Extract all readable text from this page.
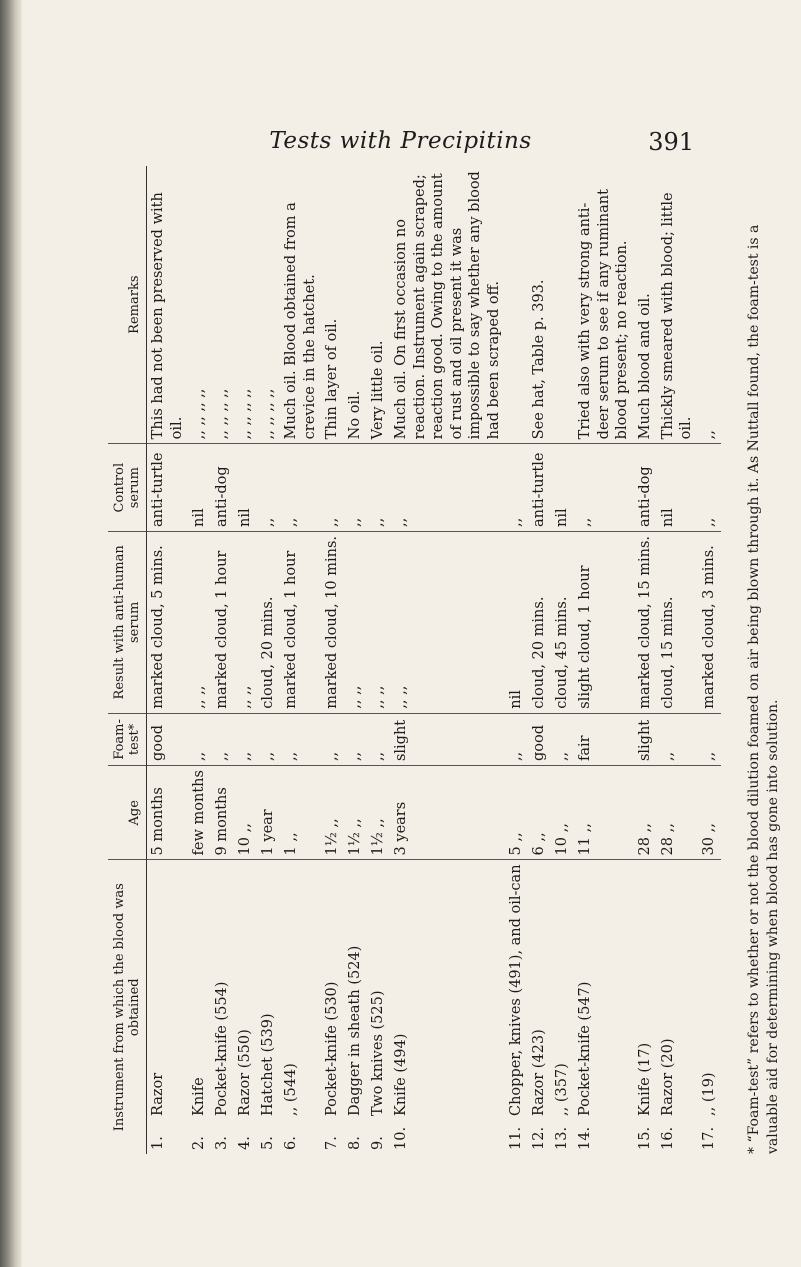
Tests with Precipitins	391
Instrument from which the blood was obtained	Age	Foam-test*	Result with anti-human serum	Control serum	Remarks
1.Razor	5 months	good	marked cloud, 5 mins.	anti-turtle	This had not been preserved with oil.
2.Knife	few months	,,	,, ,,	nil	,, ,, ,, ,,
3.Pocket-knife (554)	9 months	,,	marked cloud, 1 hour	anti-dog	,, ,, ,, ,,
4.Razor (550)	10 ,,	,,	,, ,,	nil	,, ,, ,, ,,
5.Hatchet (539)	1 year	,,	cloud, 20 mins.	,,	,, ,, ,, ,,
6.,, (544)	1 ,,	,,	marked cloud, 1 hour	,,	Much oil. Blood obtained from a crevice in the hatchet.
7.Pocket-knife (530)	1½ ,,	,,	marked cloud, 10 mins.	,,	Thin layer of oil.
8.Dagger in sheath (524)	1½ ,,	,,	,, ,,	,,	No oil.
9.Two knives (525)	1½ ,,	,,	,, ,,	,,	Very little oil.
10.Knife (494)	3 years	slight	,, ,,	,,	Much oil. On first occasion no reaction. Instrument again scraped; reaction good. Owing to the amount of rust and oil present it was impossible to say whether any blood had been scraped off.
11.Chopper, knives (491), and oil-can	5 ,,	,,	nil	,,	
12.Razor (423)	6 ,,	good	cloud, 20 mins.	anti-turtle	See hat, Table p. 393.
13.,, (357)	10 ,,	,,	cloud, 45 mins.	nil	
14.Pocket-knife (547)	11 ,,	fair	slight cloud, 1 hour	,,	Tried also with very strong anti-deer serum to see if any ruminant blood present; no reaction.
15.Knife (17)	28 ,,	slight	marked cloud, 15 mins.	anti-dog	Much blood and oil.
16.Razor (20)	28 ,,	,,	cloud, 15 mins.	nil	Thickly smeared with blood; little oil.
17.,, (19)	30 ,,	,,	marked cloud, 3 mins.	,,	,, * “Foam-test” refers to whether or not the blood dilution foamed on air being blown through it. As Nuttall found, the foam-test is a valuable aid for determining when blood has gone into solution.
